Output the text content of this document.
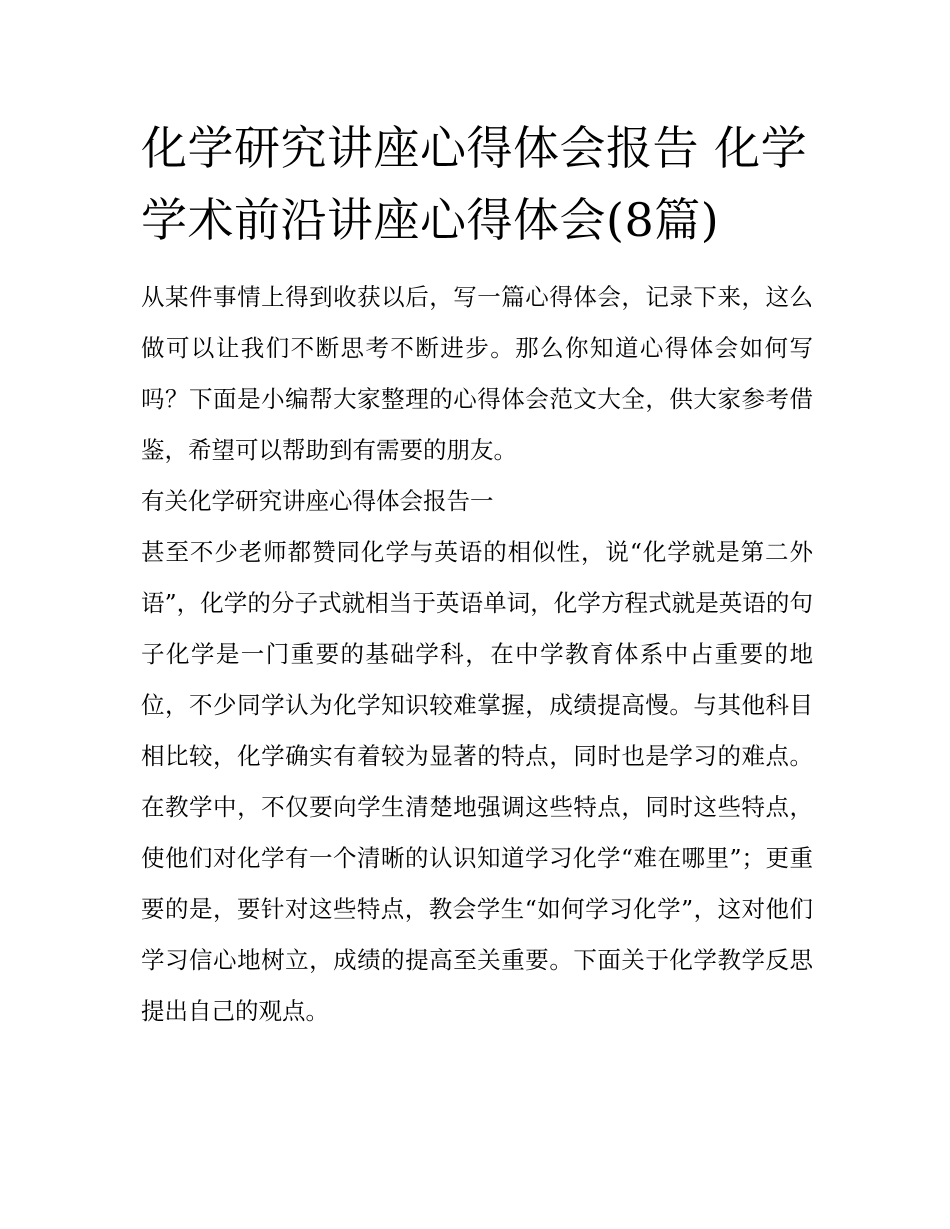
化学研究讲座心得体会报告 化学学术前沿讲座心得体会(8篇)

从某件事情上得到收获以后，写一篇心得体会，记录下来，这么做可以让我们不断思考不断进步。那么你知道心得体会如何写吗？下面是小编帮大家整理的心得体会范文大全，供大家参考借鉴，希望可以帮助到有需要的朋友。

有关化学研究讲座心得体会报告一

甚至不少老师都赞同化学与英语的相似性，说“化学就是第二外语”，化学的分子式就相当于英语单词，化学方程式就是英语的句子化学是一门重要的基础学科，在中学教育体系中占重要的地位，不少同学认为化学知识较难掌握，成绩提高慢。与其他科目相比较，化学确实有着较为显著的特点，同时也是学习的难点。在教学中，不仅要向学生清楚地强调这些特点，同时这些特点，使他们对化学有一个清晰的认识知道学习化学“难在哪里”；更重要的是，要针对这些特点，教会学生“如何学习化学”，这对他们学习信心地树立，成绩的提高至关重要。下面关于化学教学反思提出自己的观点。
